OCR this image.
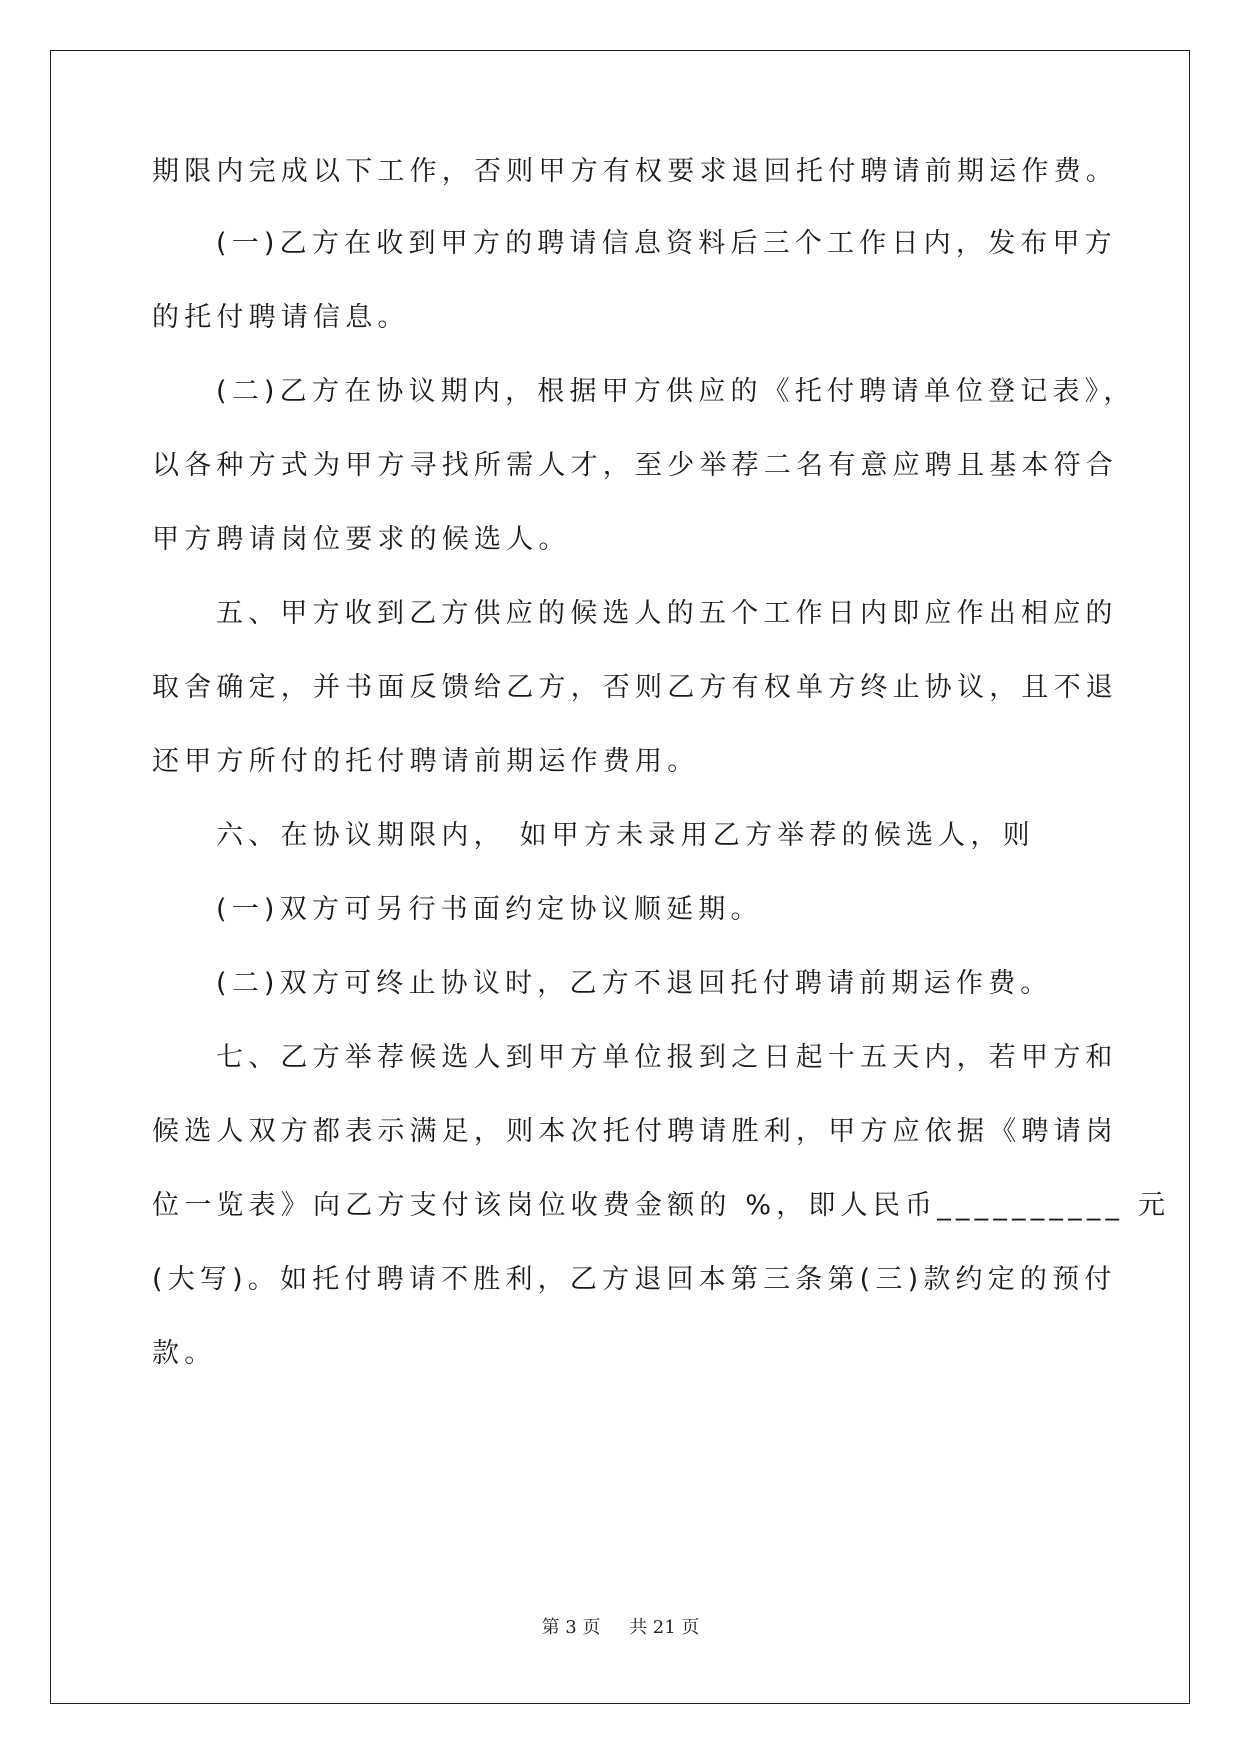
期限内完成以下工作，否则甲方有权要求退回托付聘请前期运作费。
(一)乙方在收到甲方的聘请信息资料后三个工作日内，发布甲方
的托付聘请信息。
(二)乙方在协议期内，根据甲方供应的《托付聘请单位登记表》，
以各种方式为甲方寻找所需人才，至少举荐二名有意应聘且基本符合
甲方聘请岗位要求的候选人。
五、甲方收到乙方供应的候选人的五个工作日内即应作出相应的
取舍确定，并书面反馈给乙方，否则乙方有权单方终止协议，且不退
还甲方所付的托付聘请前期运作费用。
六、在协议期限内， 如甲方未录用乙方举荐的候选人，则
(一)双方可另行书面约定协议顺延期。
(二)双方可终止协议时，乙方不退回托付聘请前期运作费。
七、乙方举荐候选人到甲方单位报到之日起十五天内，若甲方和
候选人双方都表示满足，则本次托付聘请胜利，甲方应依据《聘请岗
位一览表》向乙方支付该岗位收费金额的 %，即人民币__________ 元
(大写)。如托付聘请不胜利，乙方退回本第三条第(三)款约定的预付
款。
第 3 页 共 21 页
